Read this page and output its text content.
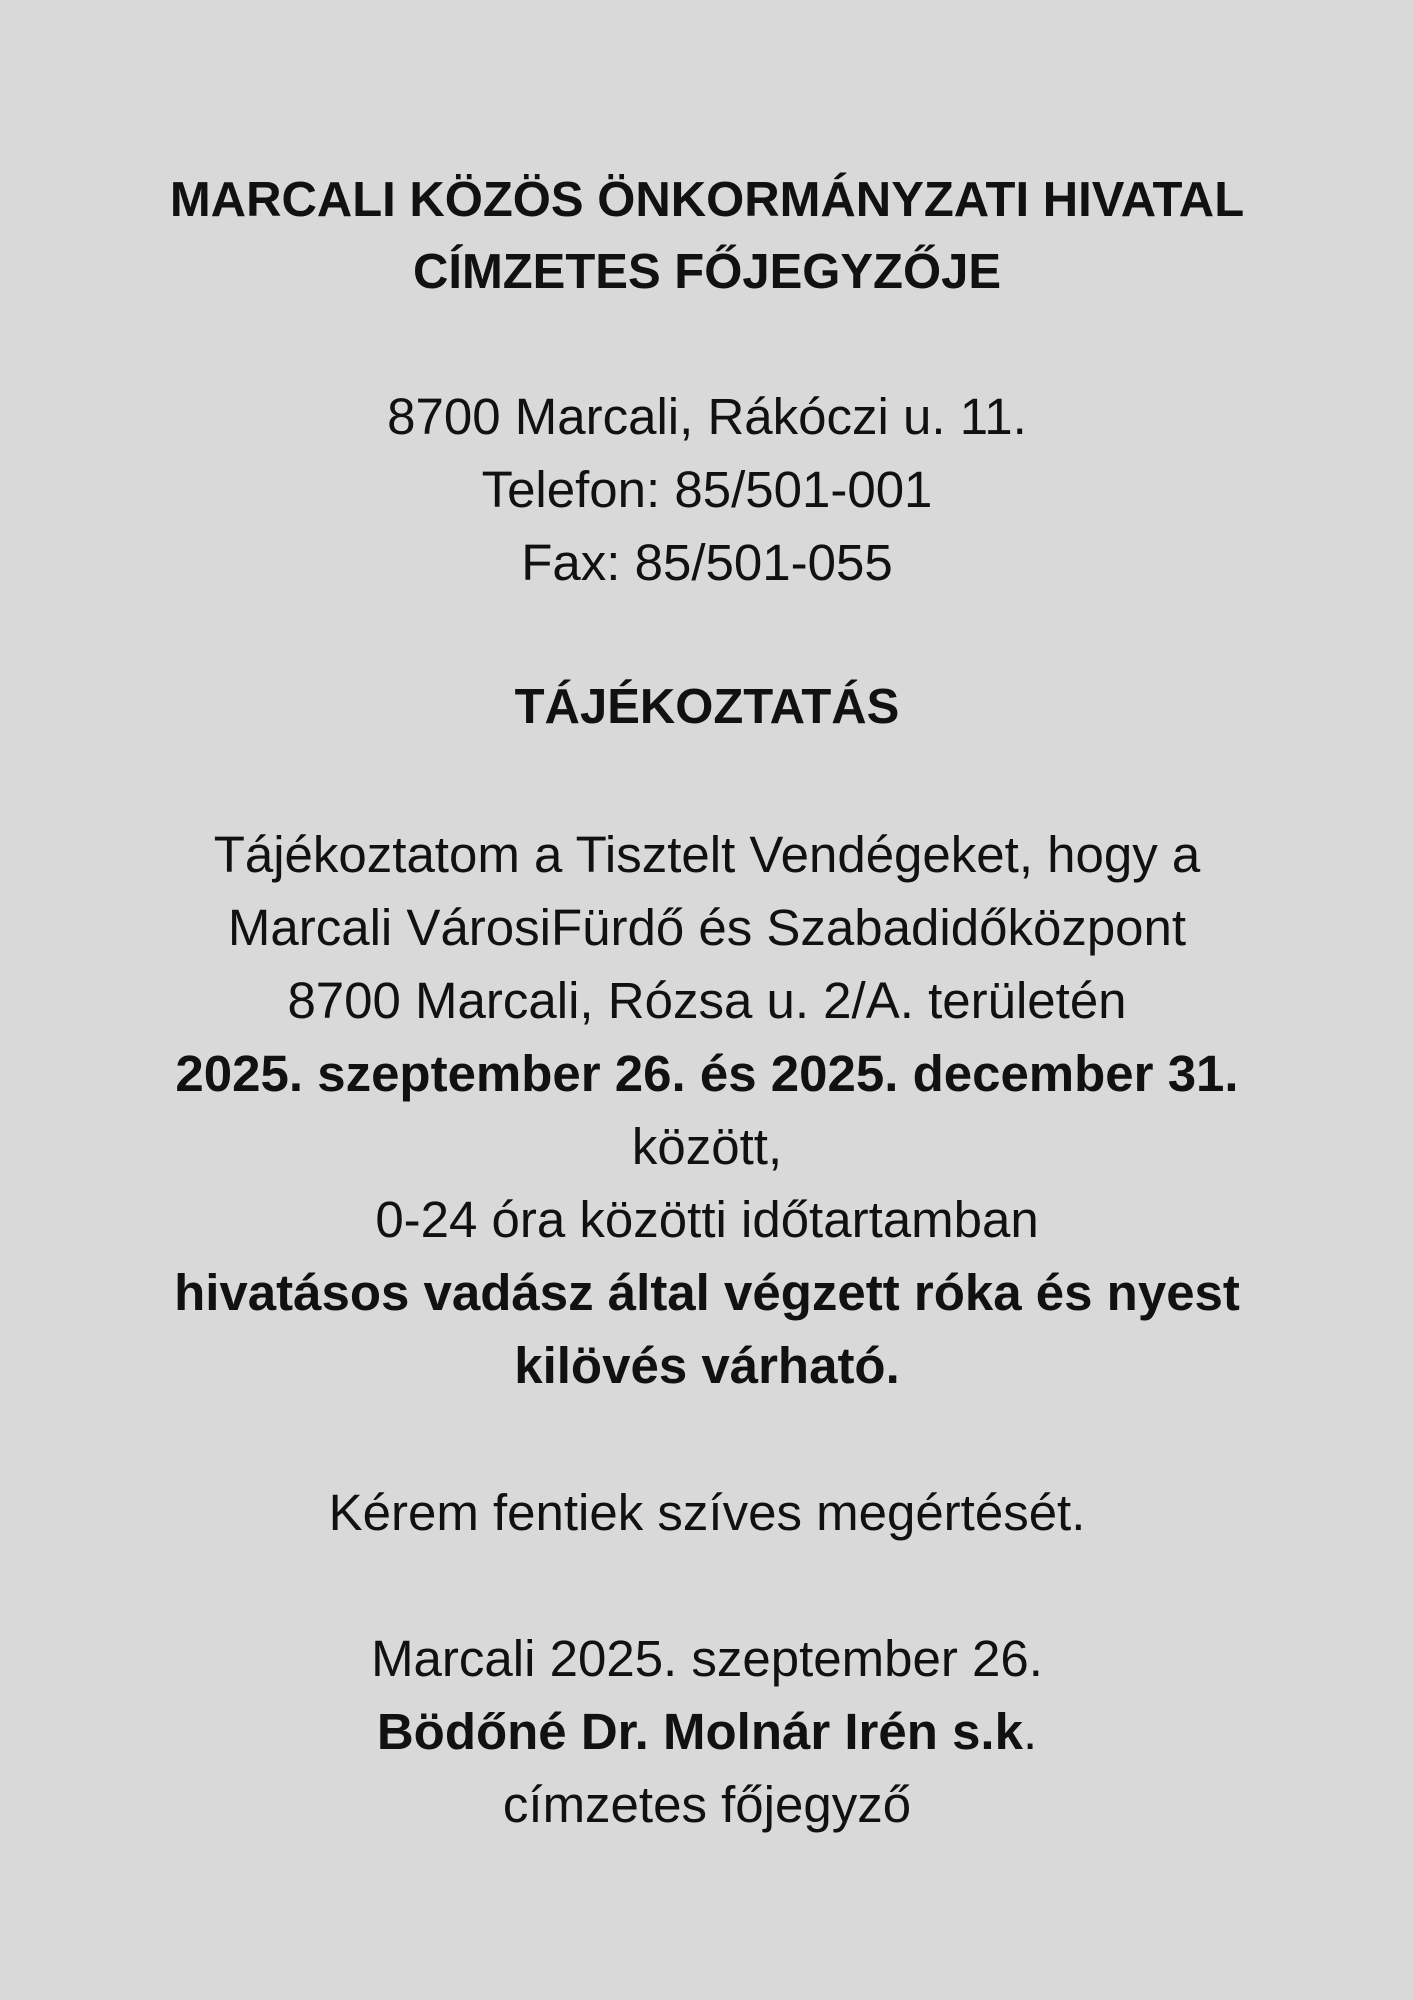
MARCALI KÖZÖS ÖNKORMÁNYZATI HIVATAL
CÍMZETES FŐJEGYZŐJE
8700 Marcali, Rákóczi u. 11.
Telefon: 85/501-001
Fax: 85/501-055
TÁJÉKOZTATÁS
Tájékoztatom a Tisztelt Vendégeket, hogy a
Marcali VárosiFürdő és Szabadidőközpont
8700 Marcali, Rózsa u. 2/A. területén
2025. szeptember 26. és 2025. december 31.
között,
0-24 óra közötti időtartamban
hivatásos vadász által végzett róka és nyest
kilövés várható.
Kérem fentiek szíves megértését.
Marcali 2025. szeptember 26.
Bödőné Dr. Molnár Irén s.k.
címzetes főjegyző
